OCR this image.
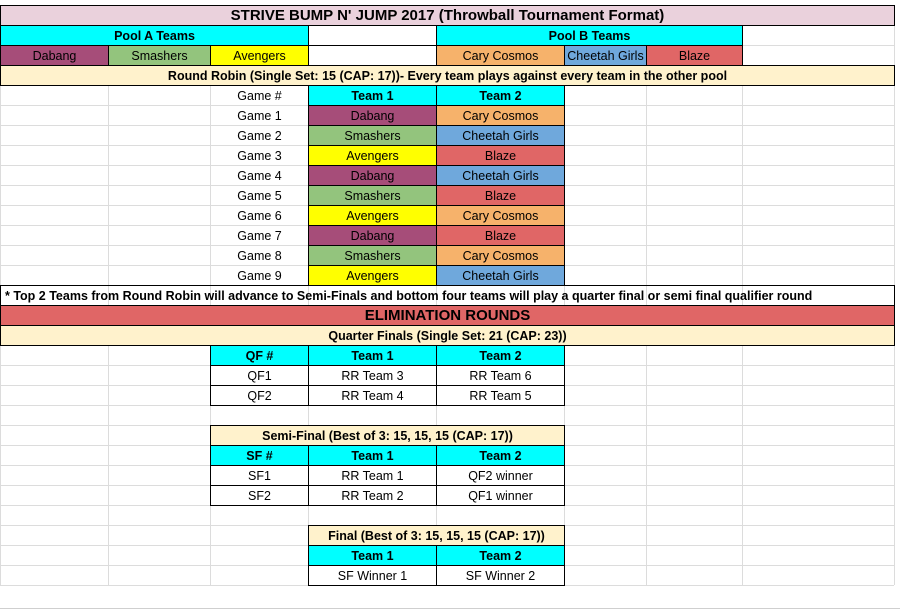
STRIVE BUMP N' JUMP 2017 (Throwball Tournament Format)
Pool A Teams	Pool B Teams
Dabang	Smashers	Avengers	Cary Cosmos	Cheetah Girls	Blaze
Round Robin (Single Set: 15 (CAP: 17))- Every team plays against every team in the other pool
Game #	Team 1	Team 2
Game 1	Dabang	Cary Cosmos
Game 2	Smashers	Cheetah Girls
Game 3	Avengers	Blaze
Game 4	Dabang	Cheetah Girls
Game 5	Smashers	Blaze
Game 6	Avengers	Cary Cosmos
Game 7	Dabang	Blaze
Game 8	Smashers	Cary Cosmos
Game 9	Avengers	Cheetah Girls
* Top 2 Teams from Round Robin will advance to Semi-Finals and bottom four teams will play a quarter final or semi final qualifier round
ELIMINATION ROUNDS
Quarter Finals (Single Set: 21 (CAP: 23))
QF #	Team 1	Team 2
QF1	RR Team 3	RR Team 6
QF2	RR Team 4	RR Team 5
Semi-Final (Best of 3: 15, 15, 15 (CAP: 17))
SF #	Team 1	Team 2
SF1	RR Team 1	QF2 winner
SF2	RR Team 2	QF1 winner
Final (Best of 3: 15, 15, 15 (CAP: 17))
Team 1	Team 2
SF Winner 1	SF Winner 2
